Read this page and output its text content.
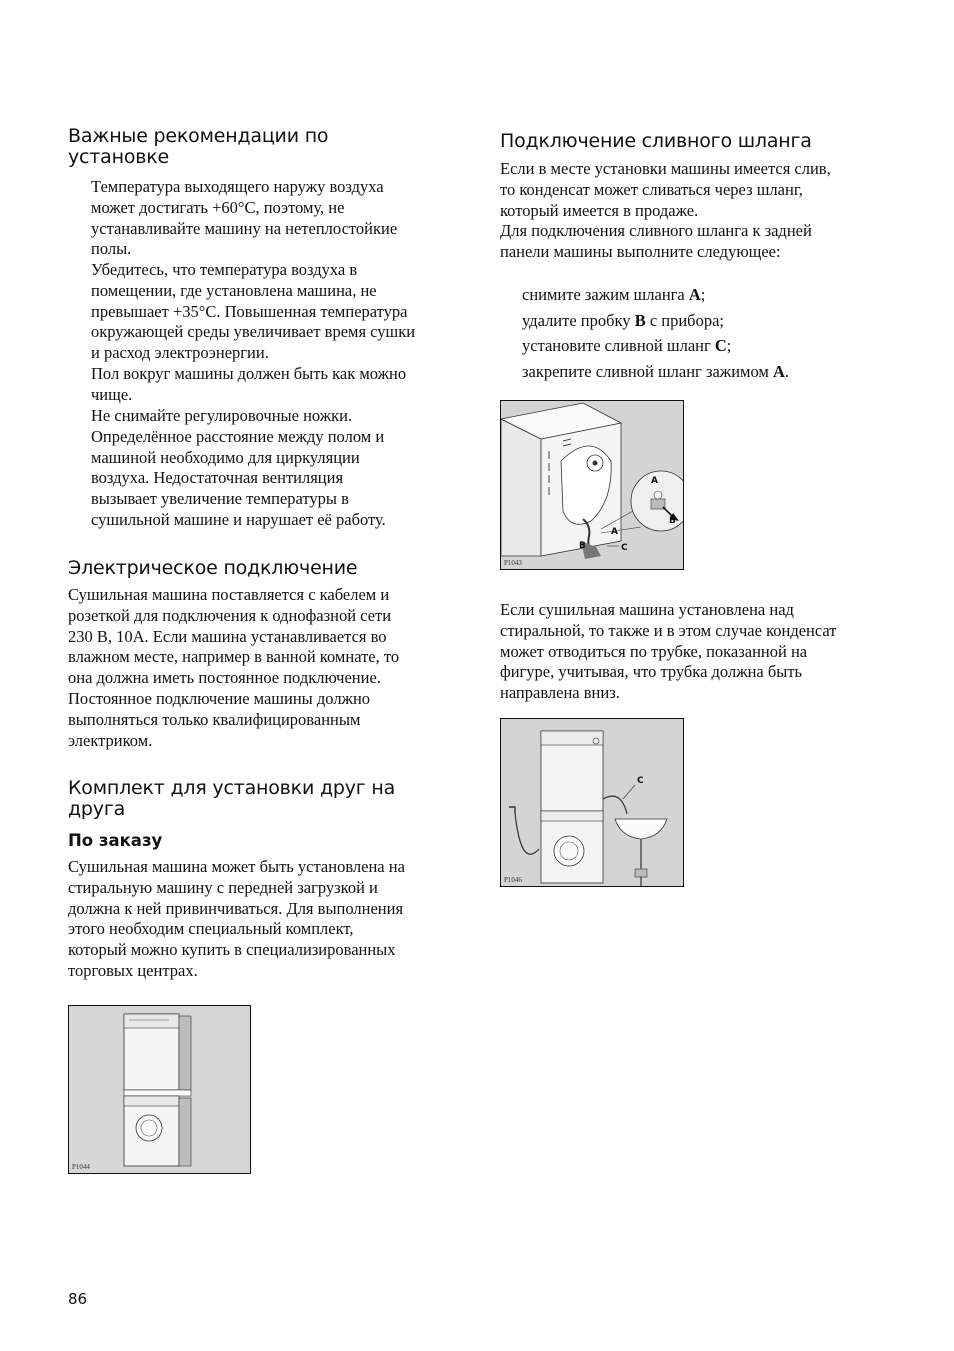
Важные рекомендации по
установке

Температура выходящего наружу воздуха
может достигать +60°C, поэтому, не
устанавливайте машину на нетеплостойкие
полы.

Убедитесь, что температура воздуха в
помещении, где установлена машина, не
превышает +35°C. Повышенная температура
окружающей среды увеличивает время сушки
и расход электроэнергии.

Пол вокруг машины должен быть как можно
чище.

Не снимайте регулировочные ножки.
Определённое расстояние между полом и
машиной необходимо для циркуляции
воздуха. Недостаточная вентиляция
вызывает увеличение температуры в
сушильной машине и нарушает её работу.

Электрическое подключение

Сушильная машина поставляется с кабелем и
розеткой для подключения к однофазной сети
230 В, 10А. Если машина устанавливается во
влажном месте, например в ванной комнате, то
она должна иметь постоянное подключение.
Постоянное подключение машины должно
выполняться только квалифицированным
электриком.

Комплект для установки друг на
друга
По заказу

Сушильная машина может быть установлена на
стиральную машину с передней загрузкой и
должна к ней привинчиваться. Для выполнения
этого необходим специальный комплект,
который можно купить в специализированных
торговых центрах.

P1044
Подключение сливного шланга

Если в месте установки машины имеется слив,
то конденсат может сливаться через шланг,
который имеется в продаже.
Для подключения сливного шланга к задней
панели машины выполните следующее:

снимите зажим шланга A;
удалите пробку B с прибора;
установите сливной шланг C;
закрепите сливной шланг зажимом A.
A
B
A
B	C
P1043

Если сушильная машина установлена над
стиральной, то также и в этом случае конденсат
может отводиться по трубке, показанной на
фигуре, учитывая, что трубка должна быть
направлена вниз.

C
P1046
86
